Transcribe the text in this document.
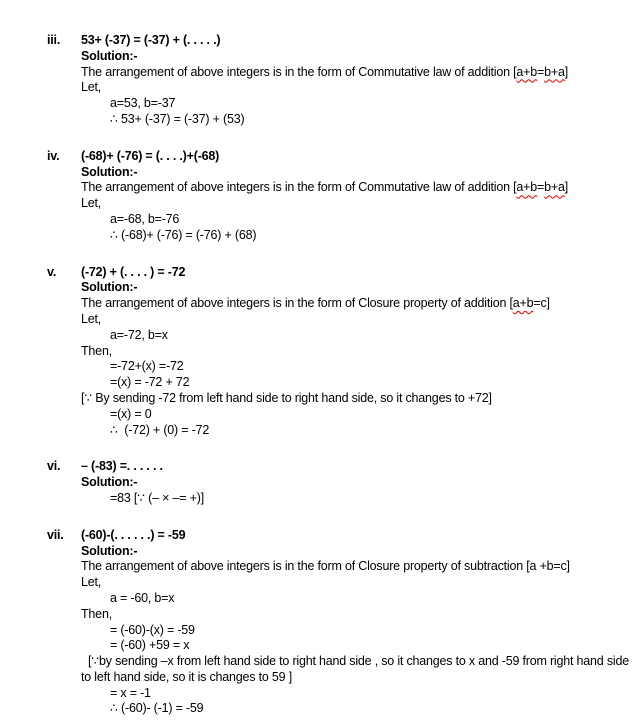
iii.	53+ (-37) = (-37) + (. . . . .)
Solution:-
The arrangement of above integers is in the form of Commutative law of addition [a+b=b+a]
Let,
a=53, b=-37
∴ 53+ (-37) = (-37) + (53)
iv.	(-68)+ (-76) = (. . . .)+(-68)
Solution:-
The arrangement of above integers is in the form of Commutative law of addition [a+b=b+a]
Let,
a=-68, b=-76
∴ (-68)+ (-76) = (-76) + (68)
v.	(-72) + (. . . . ) = -72
Solution:-
The arrangement of above integers is in the form of Closure property of addition [a+b=c]
Let,
a=-72, b=x
Then,
=-72+(x) =-72
=(x) = -72 + 72
[∵ By sending -72 from left hand side to right hand side, so it changes to +72]
=(x) = 0
∴  (-72) + (0) = -72
vi.	– (-83) =. . . . . .
Solution:-
=83 [∵ (– × –= +)]
vii.	(-60)-(. . . . . .) = -59
Solution:-
The arrangement of above integers is in the form of Closure property of subtraction [a +b=c]
Let,
a = -60, b=x
Then,
= (-60)-(x) = -59
= (-60) +59 = x
[∵by sending –x from left hand side to right hand side , so it changes to x and -59 from right hand side to left hand side, so it is changes to 59 ]
= x = -1
∴ (-60)- (-1) = -59
